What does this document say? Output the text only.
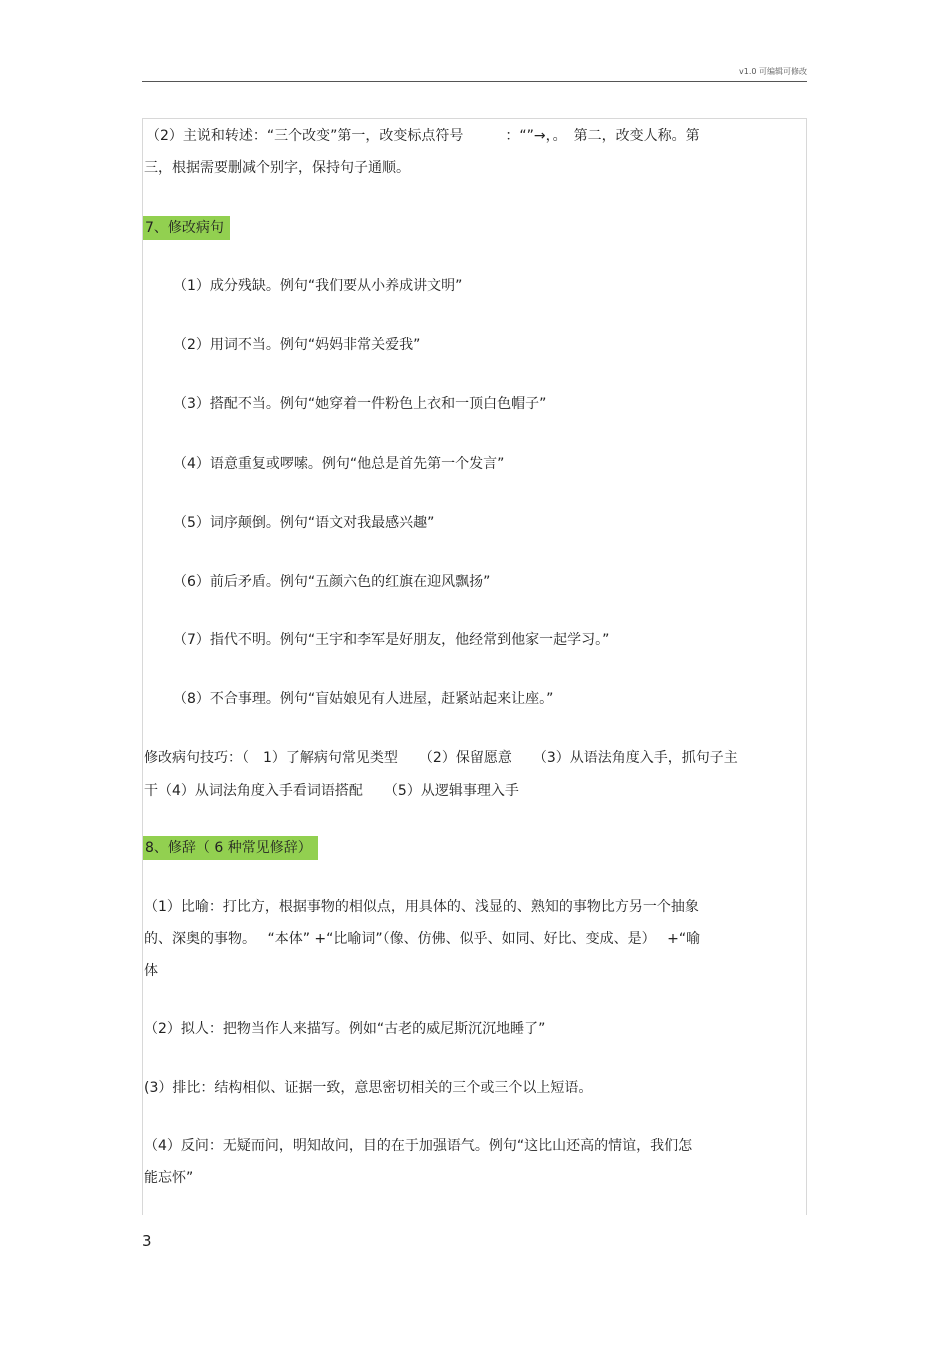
v1.0 可编辑可修改
（2）主说和转述：“三个改变”第一，改变标点符号　　　：“”→，。　第二，改变人称。第
三，根据需要删减个别字，保持句子通顺。
7、修改病句
（1）成分残缺。例句“我们要从小养成讲文明”
（2）用词不当。例句“妈妈非常关爱我”
（3）搭配不当。例句“她穿着一件粉色上衣和一顶白色帽子”
（4）语意重复或啰嗦。例句“他总是首先第一个发言”
（5）词序颠倒。例句“语文对我最感兴趣”
（6）前后矛盾。例句“五颜六色的红旗在迎风飘扬”
（7）指代不明。例句“王宇和李军是好朋友，他经常到他家一起学习。”
（8）不合事理。例句“盲姑娘见有人进屋，赶紧站起来让座。”
修改病句技巧：（　1）了解病句常见类型　　（2）保留愿意　　（3）从语法角度入手，抓句子主
干（4）从词法角度入手看词语搭配　　（5）从逻辑事理入手
8、修辞（ 6 种常见修辞）
（1）比喻：打比方，根据事物的相似点，用具体的、浅显的、熟知的事物比方另一个抽象
的、深奥的事物。　 “本体” +“比喻词”（像、仿佛、似乎、如同、好比、变成、是）　 +“喻
体
（2）拟人：把物当作人来描写。例如“古老的威尼斯沉沉地睡了”
(3）排比：结构相似、证据一致，意思密切相关的三个或三个以上短语。
（4）反问：无疑而问，明知故问，目的在于加强语气。例句“这比山还高的情谊，我们怎
能忘怀”
3
